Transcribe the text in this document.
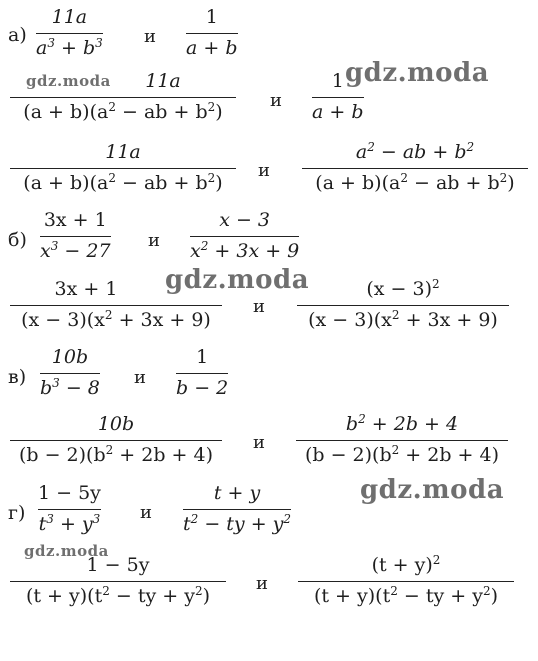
а)
11a
$a^3 + b^3$ и
1
a + b
gdz.moda	gdz.moda
11a
$(a + b)(a^2$ − ab + $b^2$)
и
1
a + b
11a
$(a + b)(a^2$ − ab + $b^2$)
и
$a^2$ − ab + $b^2$
$(a + b)(a^2$ − ab + $b^2$)
б)
3x + 1
$x^3 - 27$ и
x − 3
$x^2 + 3x + 9$
gdz.moda
3x + 1
$(x - 3)(x^2 + 3x + 9)$
и
$(x - 3)^2$
$(x - 3)(x^2 + 3x + 9)$
в)
10b
$b^3 - 8$ и
1
b − 2
10b
$(b - 2)(b^2 + 2b + 4)$
и
$b^2 + 2b + 4$
$(b - 2)(b^2 + 2b + 4)$
г)
1 − 5y
$t^3 + y^3$ и
t + y
$t^2$ − ty + $y^2$
gdz.moda
gdz.moda
1 − 5y
$(t + y)(t^2$ − ty + $y^2$)
и
$(t + y)^2$
$(t + y)(t^2$ − ty + $y^2$)
